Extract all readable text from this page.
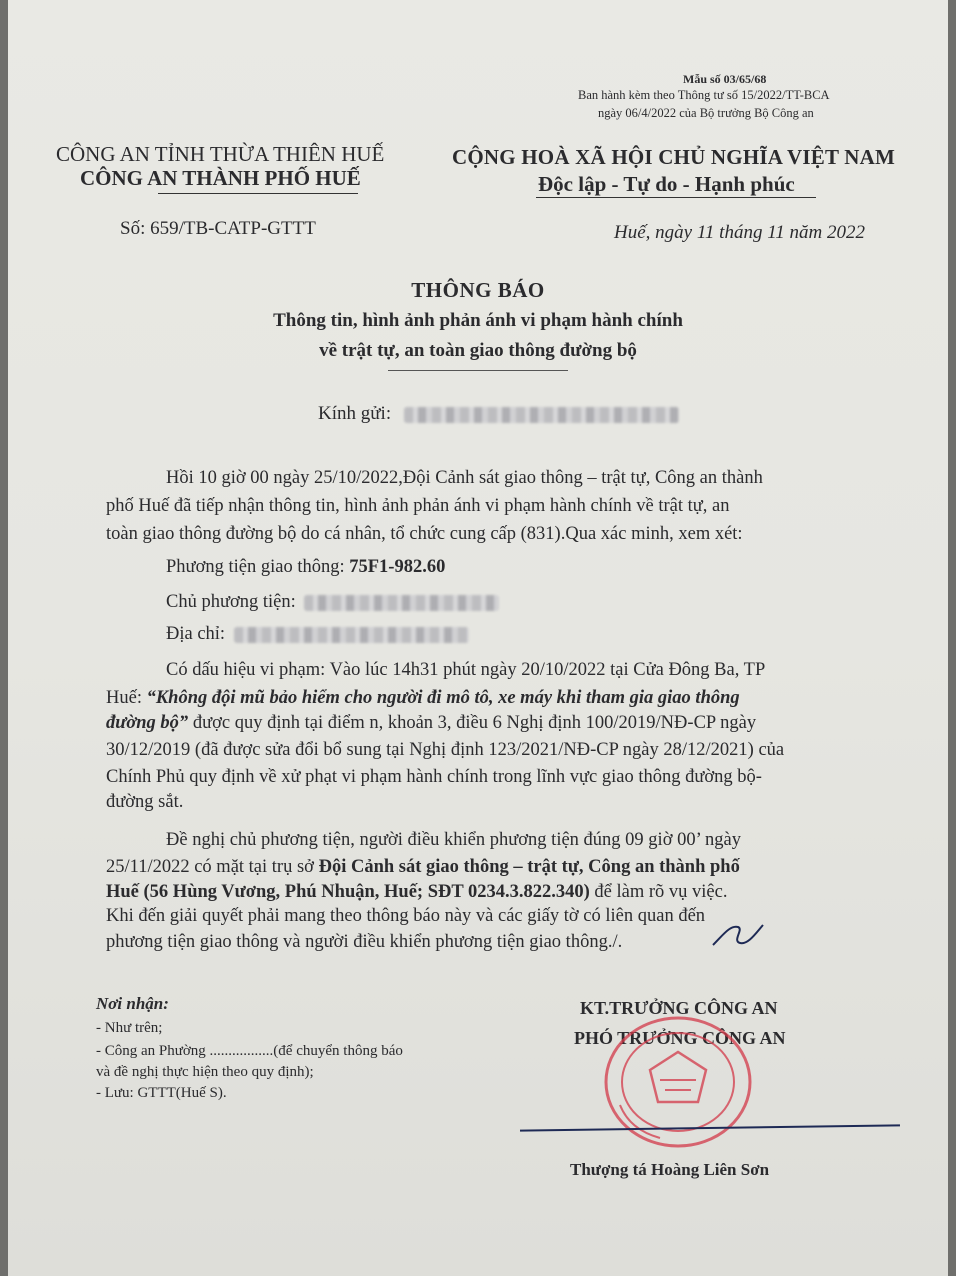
Mẫu số 03/65/68
Ban hành kèm theo Thông tư số 15/2022/TT-BCA
ngày 06/4/2022 của Bộ trưởng Bộ Công an
CÔNG AN TỈNH THỪA THIÊN HUẾ
CÔNG AN THÀNH PHỐ HUẾ
CỘNG HOÀ XÃ HỘI CHỦ NGHĨA VIỆT NAM
Độc lập - Tự do - Hạnh phúc
Số: 659/TB-CATP-GTTT	Huế, ngày 11 tháng 11 năm 2022
THÔNG BÁO
Thông tin, hình ảnh phản ánh vi phạm hành chính
về trật tự, an toàn giao thông đường bộ
Kính gửi:
Hồi 10 giờ 00 ngày 25/10/2022,Đội Cảnh sát giao thông – trật tự, Công an thành
phố Huế đã tiếp nhận thông tin, hình ảnh phản ánh vi phạm hành chính về trật tự, an
toàn giao thông đường bộ do cá nhân, tổ chức cung cấp (831).Qua xác minh, xem xét:
Phương tiện giao thông: 75F1-982.60
Chủ phương tiện:
Địa chỉ:
Có dấu hiệu vi phạm: Vào lúc 14h31 phút ngày 20/10/2022 tại Cửa Đông Ba, TP
Huế: “Không đội mũ bảo hiểm cho người đi mô tô, xe máy khi tham gia giao thông
đường bộ” được quy định tại điểm n, khoản 3, điều 6 Nghị định 100/2019/NĐ-CP ngày
30/12/2019 (đã được sửa đổi bổ sung tại Nghị định 123/2021/NĐ-CP ngày 28/12/2021) của
Chính Phủ quy định về xử phạt vi phạm hành chính trong lĩnh vực giao thông đường bộ-
đường sắt.
Đề nghị chủ phương tiện, người điều khiển phương tiện đúng 09 giờ 00’ ngày
25/11/2022 có mặt tại trụ sở Đội Cảnh sát giao thông – trật tự, Công an thành phố
Huế (56 Hùng Vương, Phú Nhuận, Huế; SĐT 0234.3.822.340) để làm rõ vụ việc.
Khi đến giải quyết phải mang theo thông báo này và các giấy tờ có liên quan đến
phương tiện giao thông và người điều khiển phương tiện giao thông./.
Nơi nhận:
- Như trên;
- Công an Phường .................(để chuyển thông báo
và đề nghị thực hiện theo quy định);
- Lưu: GTTT(Huế S).
KT.TRƯỞNG CÔNG AN
PHÓ TRƯỞNG CÔNG AN
Thượng tá Hoàng Liên Sơn
